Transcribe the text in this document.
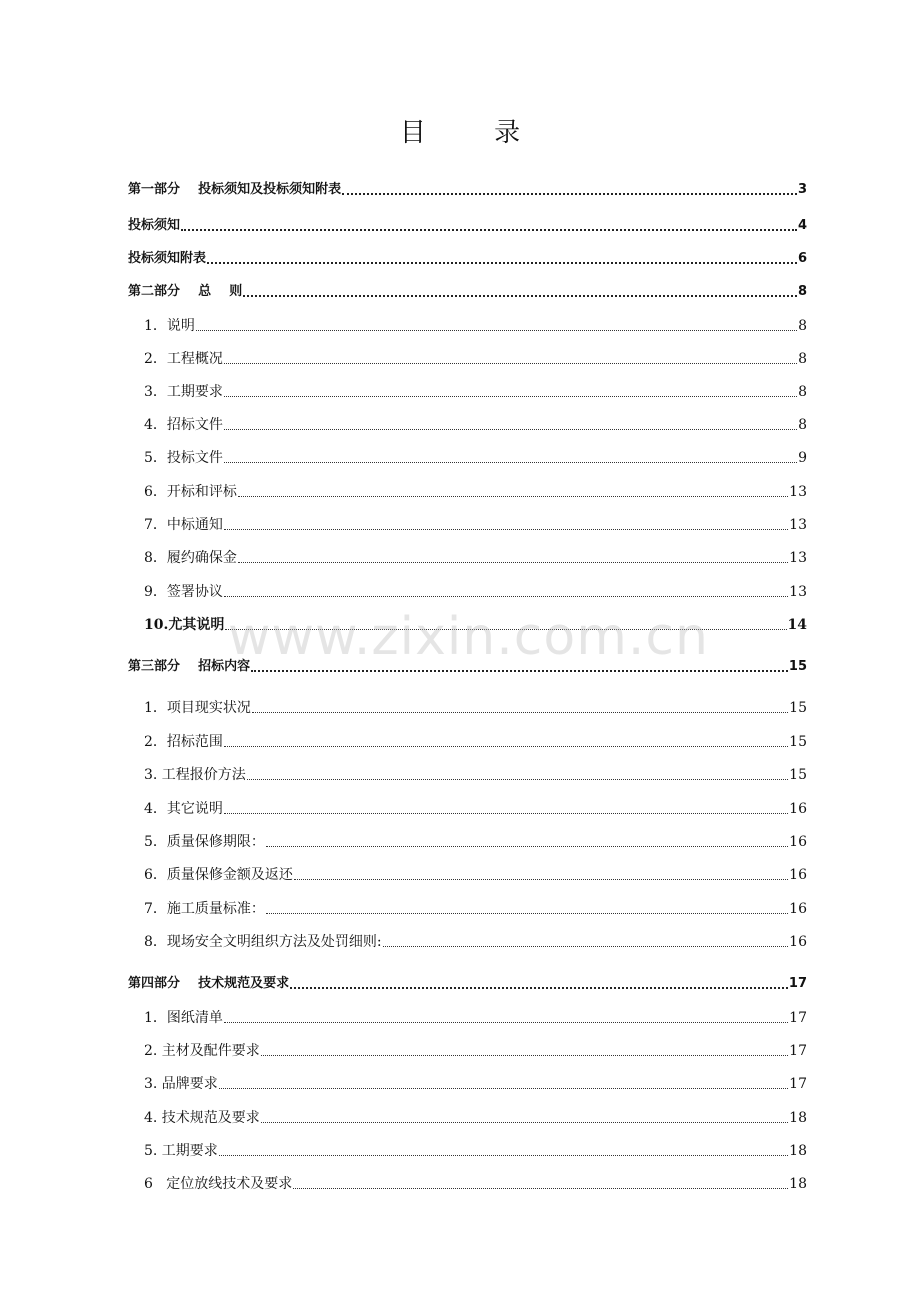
目 录
第一部分    投标须知及投标须知附表	3
投标须知	4
投标须知附表	6
第二部分    总    则	8
1．说明	8
2．工程概况	8
3．工期要求	8
4．招标文件	8
5．投标文件	9
6．开标和评标	13
7．中标通知	13
8．履约确保金	13
9．签署协议	13
10.尤其说明	14
第三部分    招标内容	15
1．项目现实状况	15
2．招标范围	15
3. 工程报价方法	15
4．其它说明	16
5．质量保修期限：	16
6．质量保修金额及返还	16
7．施工质量标准：	16
8．现场安全文明组织方法及处罚细则:	16
第四部分    技术规范及要求	17
1．图纸清单	17
2. 主材及配件要求	17
3. 品牌要求	17
4. 技术规范及要求	18
5. 工期要求	18
6   定位放线技术及要求	18
www.zixin.com.cn
